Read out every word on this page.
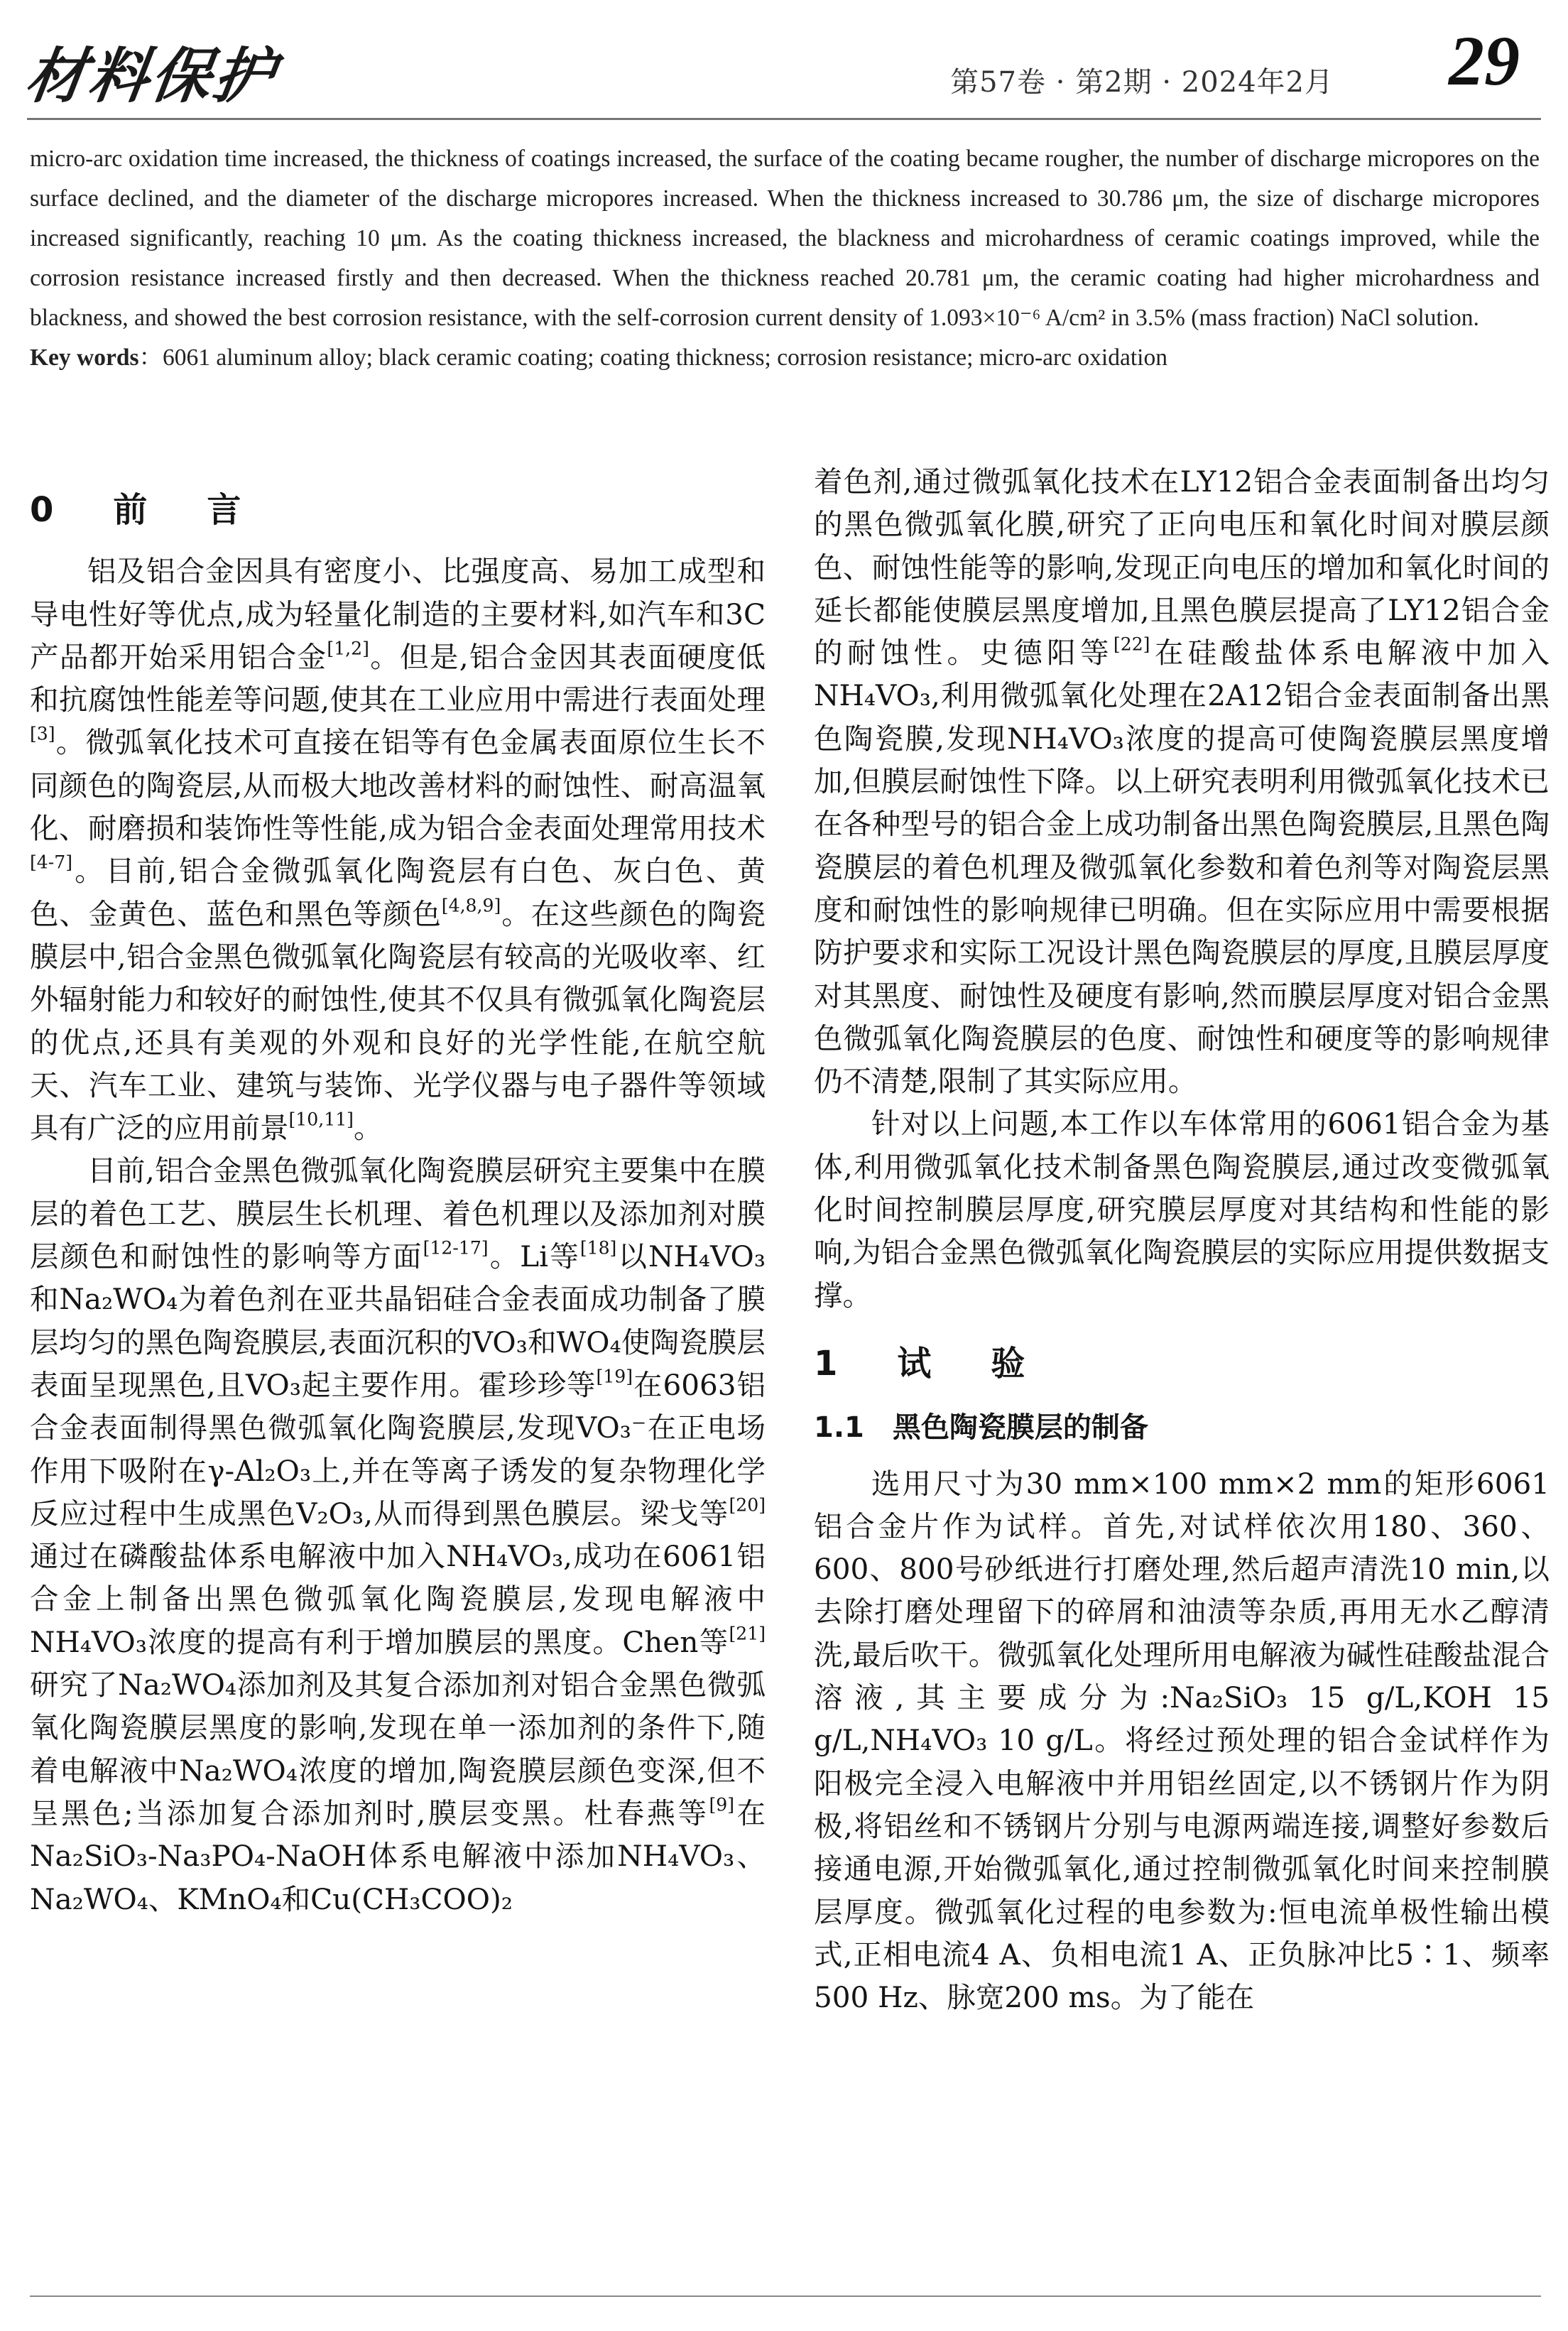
材料保护	第57卷 · 第2期 · 2024年2月 29

micro-arc oxidation time increased, the thickness of coatings increased, the surface of the coating became rougher, the number of discharge micropores on the surface declined, and the diameter of the discharge micropores increased. When the thickness increased to 30.786 μm, the size of discharge micropores increased significantly, reaching 10 μm. As the coating thickness increased, the blackness and microhardness of ceramic coatings improved, while the corrosion resistance increased firstly and then decreased. When the thickness reached 20.781 μm, the ceramic coating had higher microhardness and blackness, and showed the best corrosion resistance, with the self-corrosion current density of 1.093×10⁻⁶ A/cm² in 3.5% (mass fraction) NaCl solution.

Key words：6061 aluminum alloy; black ceramic coating; coating thickness; corrosion resistance; micro-arc oxidation

0　前　言

铝及铝合金因具有密度小、比强度高、易加工成型和导电性好等优点,成为轻量化制造的主要材料,如汽车和3C产品都开始采用铝合金[1,2]。但是,铝合金因其表面硬度低和抗腐蚀性能差等问题,使其在工业应用中需进行表面处理[3]。微弧氧化技术可直接在铝等有色金属表面原位生长不同颜色的陶瓷层,从而极大地改善材料的耐蚀性、耐高温氧化、耐磨损和装饰性等性能,成为铝合金表面处理常用技术[4-7]。目前,铝合金微弧氧化陶瓷层有白色、灰白色、黄色、金黄色、蓝色和黑色等颜色[4,8,9]。在这些颜色的陶瓷膜层中,铝合金黑色微弧氧化陶瓷层有较高的光吸收率、红外辐射能力和较好的耐蚀性,使其不仅具有微弧氧化陶瓷层的优点,还具有美观的外观和良好的光学性能,在航空航天、汽车工业、建筑与装饰、光学仪器与电子器件等领域具有广泛的应用前景[10,11]。

目前,铝合金黑色微弧氧化陶瓷膜层研究主要集中在膜层的着色工艺、膜层生长机理、着色机理以及添加剂对膜层颜色和耐蚀性的影响等方面[12-17]。Li等[18]以NH₄VO₃和Na₂WO₄为着色剂在亚共晶铝硅合金表面成功制备了膜层均匀的黑色陶瓷膜层,表面沉积的VO₃和WO₄使陶瓷膜层表面呈现黑色,且VO₃起主要作用。霍珍珍等[19]在6063铝合金表面制得黑色微弧氧化陶瓷膜层,发现VO₃⁻在正电场作用下吸附在γ-Al₂O₃上,并在等离子诱发的复杂物理化学反应过程中生成黑色V₂O₃,从而得到黑色膜层。梁戈等[20]通过在磷酸盐体系电解液中加入NH₄VO₃,成功在6061铝合金上制备出黑色微弧氧化陶瓷膜层,发现电解液中NH₄VO₃浓度的提高有利于增加膜层的黑度。Chen等[21]研究了Na₂WO₄添加剂及其复合添加剂对铝合金黑色微弧氧化陶瓷膜层黑度的影响,发现在单一添加剂的条件下,随着电解液中Na₂WO₄浓度的增加,陶瓷膜层颜色变深,但不呈黑色;当添加复合添加剂时,膜层变黑。杜春燕等[9]在Na₂SiO₃-Na₃PO₄-NaOH体系电解液中添加NH₄VO₃、Na₂WO₄、KMnO₄和Cu(CH₃COO)₂

着色剂,通过微弧氧化技术在LY12铝合金表面制备出均匀的黑色微弧氧化膜,研究了正向电压和氧化时间对膜层颜色、耐蚀性能等的影响,发现正向电压的增加和氧化时间的延长都能使膜层黑度增加,且黑色膜层提高了LY12铝合金的耐蚀性。史德阳等[22]在硅酸盐体系电解液中加入NH₄VO₃,利用微弧氧化处理在2A12铝合金表面制备出黑色陶瓷膜,发现NH₄VO₃浓度的提高可使陶瓷膜层黑度增加,但膜层耐蚀性下降。以上研究表明利用微弧氧化技术已在各种型号的铝合金上成功制备出黑色陶瓷膜层,且黑色陶瓷膜层的着色机理及微弧氧化参数和着色剂等对陶瓷层黑度和耐蚀性的影响规律已明确。但在实际应用中需要根据防护要求和实际工况设计黑色陶瓷膜层的厚度,且膜层厚度对其黑度、耐蚀性及硬度有影响,然而膜层厚度对铝合金黑色微弧氧化陶瓷膜层的色度、耐蚀性和硬度等的影响规律仍不清楚,限制了其实际应用。

针对以上问题,本工作以车体常用的6061铝合金为基体,利用微弧氧化技术制备黑色陶瓷膜层,通过改变微弧氧化时间控制膜层厚度,研究膜层厚度对其结构和性能的影响,为铝合金黑色微弧氧化陶瓷膜层的实际应用提供数据支撑。

1　试　验
1.1　黑色陶瓷膜层的制备

选用尺寸为30 mm×100 mm×2 mm的矩形6061铝合金片作为试样。首先,对试样依次用180、360、600、800号砂纸进行打磨处理,然后超声清洗10 min,以去除打磨处理留下的碎屑和油渍等杂质,再用无水乙醇清洗,最后吹干。微弧氧化处理所用电解液为碱性硅酸盐混合溶液,其主要成分为:Na₂SiO₃ 15 g/L,KOH 15 g/L,NH₄VO₃ 10 g/L。将经过预处理的铝合金试样作为阳极完全浸入电解液中并用铝丝固定,以不锈钢片作为阴极,将铝丝和不锈钢片分别与电源两端连接,调整好参数后接通电源,开始微弧氧化,通过控制微弧氧化时间来控制膜层厚度。微弧氧化过程的电参数为:恒电流单极性输出模式,正相电流4 A、负相电流1 A、正负脉冲比5∶1、频率500 Hz、脉宽200 ms。为了能在
